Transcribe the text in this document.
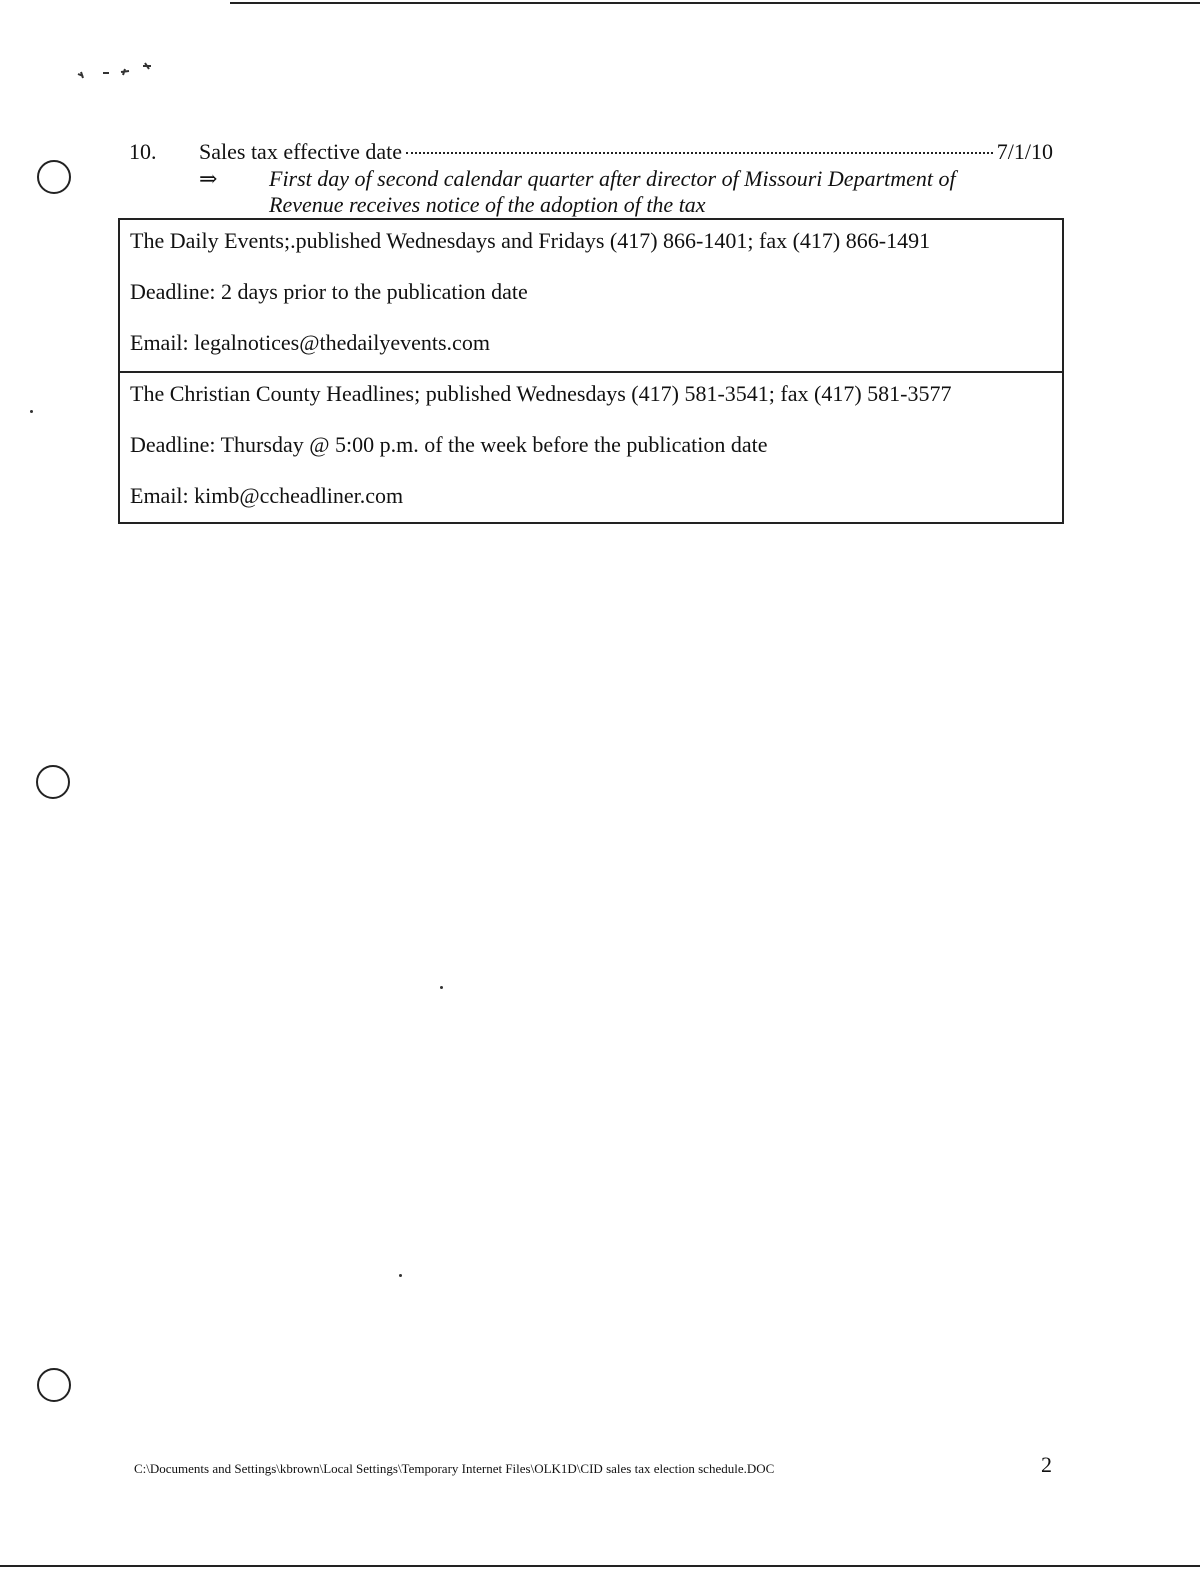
10.	Sales tax effective date	7/1/10
⇒	First day of second calendar quarter after director of Missouri Department of Revenue receives notice of the adoption of the tax
The Daily Events;.published Wednesdays and Fridays (417) 866-1401; fax (417) 866-1491
Deadline: 2 days prior to the publication date
Email: legalnotices@thedailyevents.com
The Christian County Headlines; published Wednesdays (417) 581-3541; fax (417) 581-3577
Deadline: Thursday @ 5:00 p.m. of the week before the publication date
Email: kimb@ccheadliner.com
C:\Documents and Settings\kbrown\Local Settings\Temporary Internet Files\OLK1D\CID sales tax election schedule.DOC	2
